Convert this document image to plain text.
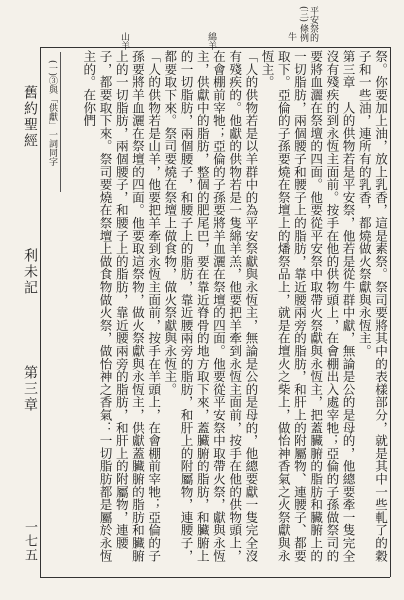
舊約聖經
利未記
第三章
一七五
山羊	綿羊	牛
(三) 平安祭的
條例
(一)③與「供獻」一詞同字	祭。你要加上油，放上乳香，這是素祭。祭司要將其中的表樣部分，就是其中一些軋了的穀子和一些油，連所有的乳香，都燒做火祭獻與永恆主。

第三章　人的供物若是平安祭，他若是從牛群中獻，無論是公的是母的，他總要牽一隻完全沒有殘疾的到永恆主面前。按手在他的供物頭上，在會棚出入處宰牠；亞倫的子孫做祭司的要將血灑在祭壇的四面。他要從平安祭中取帶火祭獻與永恆主，把蓋臟腑的脂肪和臟腑上的一切脂肪，兩個腰子和腰子上的脂肪，靠近腰兩旁的脂肪，和肝上的附屬物、連腰子、都要取下。亞倫的子孫要燒在祭壇上的燔祭品上，就是在壇火之柴上，做怡神香氣之火祭獻與永恆主。

「人的供物若是以羊群中的為平安祭獻與永恆主，無論是公的是母的，他總要獻一隻完全沒有殘疾的。他獻的供物若是一隻綿羊羔，他要把羊牽到永恆主面前，按手在他的供物頭上，在會棚前宰牠；亞倫的子孫要將羊血灑在祭壇的四面。他要從平安祭中取帶火祭，獻與永恆主，供獻中的脂肪，整個的肥尾巴，要在靠近脊骨的地方取下來，蓋臟腑的脂肪，和臟腑上的一切脂肪，兩個腰子，和腰子上的脂肪，靠近腰兩旁的脂肪，和肝上的附屬物，連腰子，都要取下來。祭司要燒在祭壇上做食物，做火祭獻與永恆主。

「人的供物若是山羊，他要把羊牽到永恆主面前，按手在羊頭上，在會棚前宰牠；亞倫的子孫要將羊血灑在祭壇的四面。他要取這祭物，做火祭獻與永恆主，供獻蓋臟腑的脂肪和臟腑上的一切脂肪，兩個腰子，和腰子上的脂肪，靠近腰兩旁的脂肪，和肝上的附屬物，連腰子，都要取下來。祭司要燒在祭壇上做食物做火祭，做怡神之香氣：一切脂肪都是屬於永恆主的。在你們
